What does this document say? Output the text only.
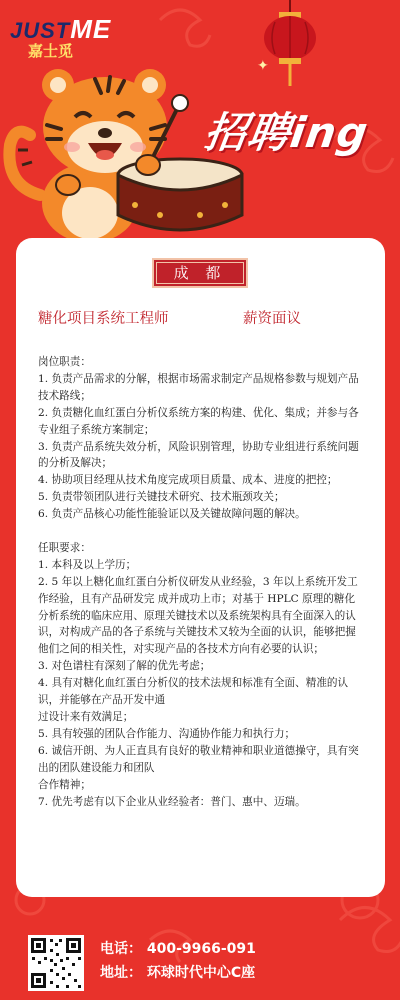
JUSTME
嘉士觅
✦
招聘ing
成 都
糖化项目系统工程师	薪资面议

岗位职责：

1. 负责产品需求的分解，根据市场需求制定产品规格参数与规划产品技术路线；

2. 负责糖化血红蛋白分析仪系统方案的构建、优化、集成；并参与各专业组子系统方案制定；

3. 负责产品系统失效分析，风险识别管理，协助专业组进行系统问题的分析及解决；

4. 协助项目经理从技术角度完成项目质量、成本、进度的把控；

5. 负责带领团队进行关键技术研究、技术瓶颈攻关；

6. 负责产品核心功能性能验证以及关键故障问题的解决。

任职要求：

1. 本科及以上学历；

2. 5 年以上糖化血红蛋白分析仪研发从业经验，3 年以上系统开发工作经验，且有产品研发完 成并成功上市；对基于 HPLC 原理的糖化分析系统的临床应用、原理关键技术以及系统架构具有全面深入的认识，对构成产品的各子系统与关键技术又较为全面的认识，能够把握他们之间的相关性，对实现产品的各技术方向有必要的认识；

3. 对色谱柱有深刻了解的优先考虑；

4. 具有对糖化血红蛋白分析仪的技术法规和标准有全面、精准的认识，并能够在产品开发中通

过设计来有效满足；

5. 具有较强的团队合作能力、沟通协作能力和执行力；

6. 诚信开朗、为人正直具有良好的敬业精神和职业道德操守，具有突出的团队建设能力和团队

合作精神；

7. 优先考虑有以下企业从业经验者：普门、惠中、迈瑞。

电话： 400-9966-091
地址： 环球时代中心C座
